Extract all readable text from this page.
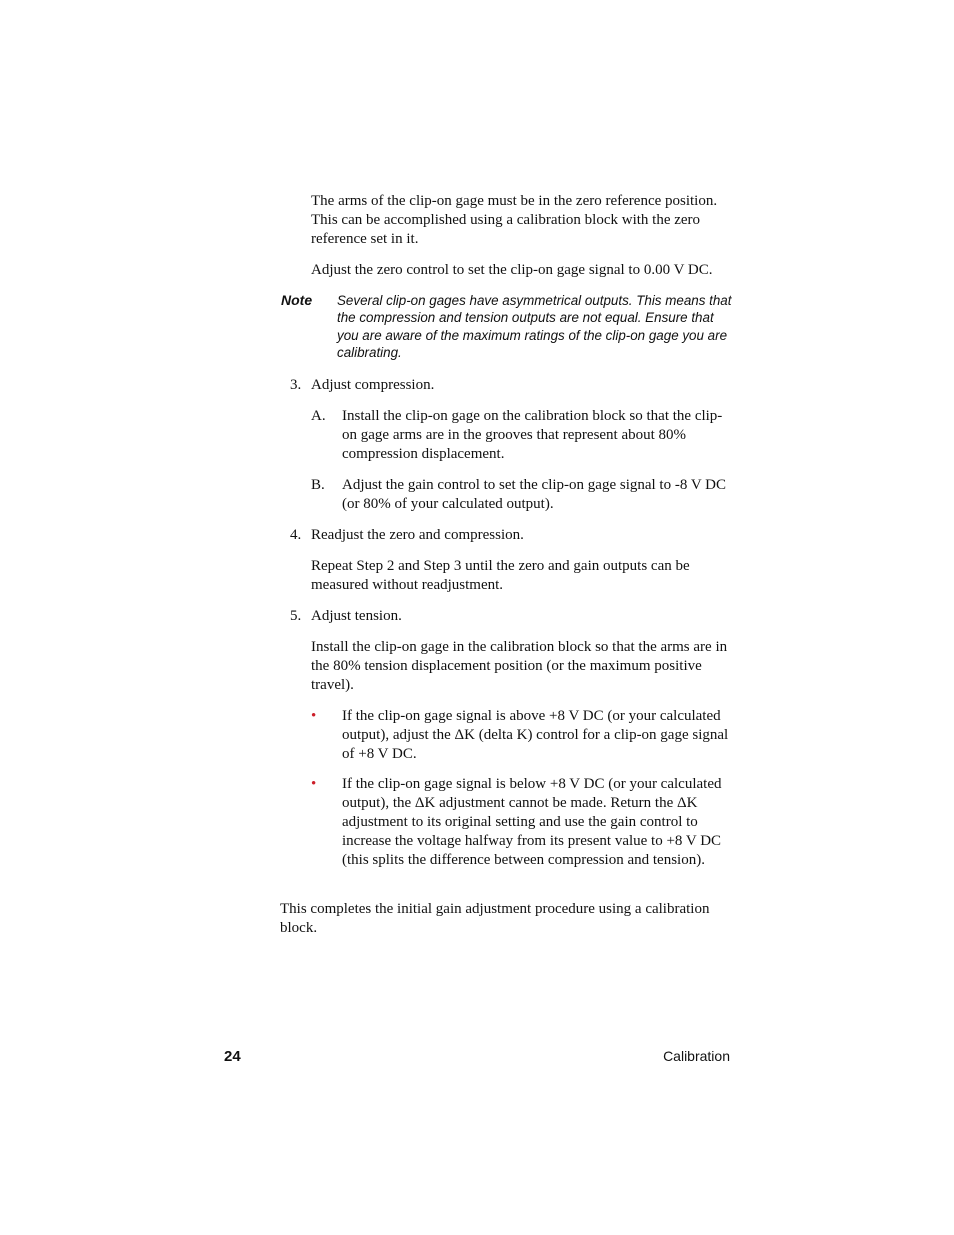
The arms of the clip-on gage must be in the zero reference position. This can be accomplished using a calibration block with the zero reference set in it.

Adjust the zero control to set the clip-on gage signal to 0.00 V DC.

Note Several clip-on gages have asymmetrical outputs. This means that the compression and tension outputs are not equal. Ensure that you are aware of the maximum ratings of the clip-on gage you are calibrating.

3. Adjust compression.
A.	Install the clip-on gage on the calibration block so that the clip-on gage arms are in the grooves that represent about 80% compression displacement.
B.	Adjust the gain control to set the clip-on gage signal to -8 V DC (or 80% of your calculated output).
4. Readjust the zero and compression.

Repeat Step 2 and Step 3 until the zero and gain outputs can be measured without readjustment.

5. Adjust tension.

Install the clip-on gage in the calibration block so that the arms are in the 80% tension displacement position (or the maximum positive travel).

•	If the clip-on gage signal is above +8 V DC (or your calculated output), adjust the ΔK (delta K) control for a clip-on gage signal of +8 V DC.
•	If the clip-on gage signal is below +8 V DC (or your calculated output), the ΔK adjustment cannot be made. Return the ΔK adjustment to its original setting and use the gain control to increase the voltage halfway from its present value to +8 V DC (this splits the difference between compression and tension).

This completes the initial gain adjustment procedure using a calibration block.

24	Calibration
